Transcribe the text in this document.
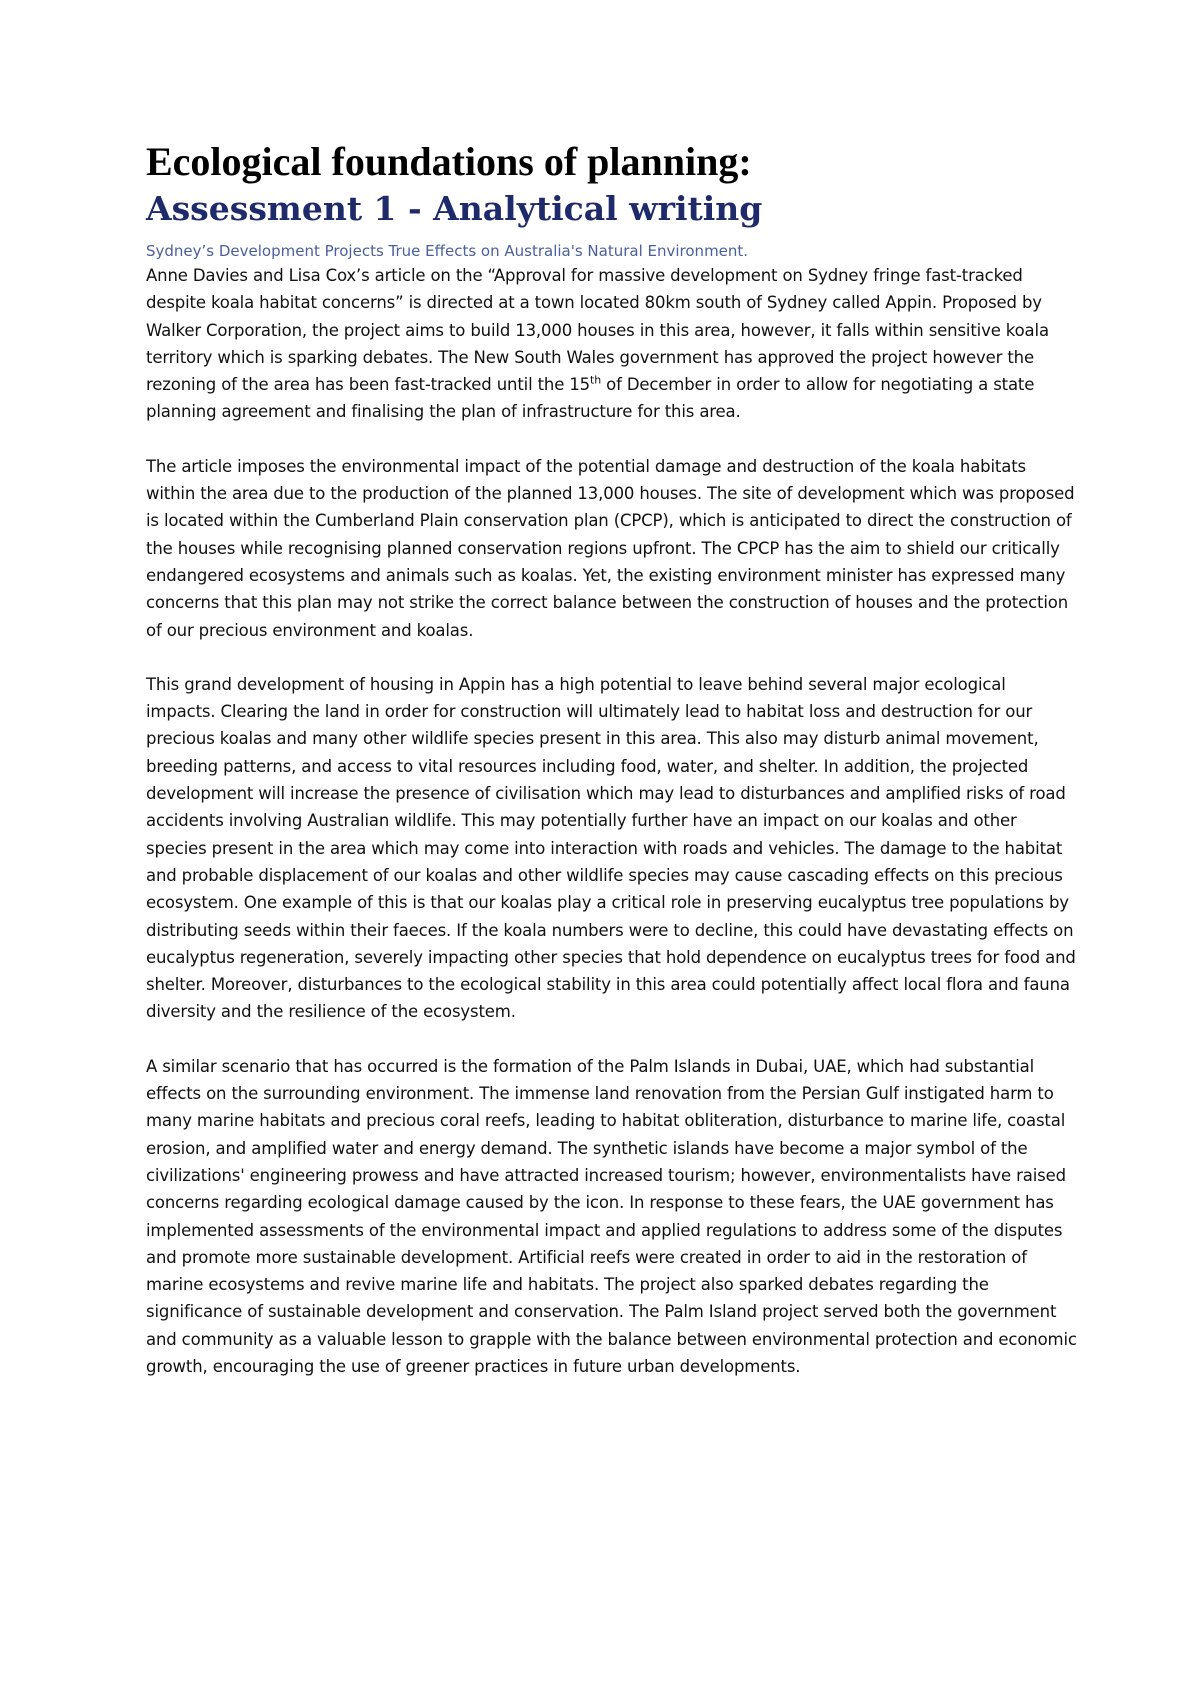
Ecological foundations of planning:
Assessment 1 - Analytical writing

Sydney’s Development Projects True Effects on Australia's Natural Environment.

Anne Davies and Lisa Cox’s article on the “Approval for massive development on Sydney fringe fast-tracked despite koala habitat concerns” is directed at a town located 80km south of Sydney called Appin. Proposed by Walker Corporation, the project aims to build 13,000 houses in this area, however, it falls within sensitive koala territory which is sparking debates. The New South Wales government has approved the project however the rezoning of the area has been fast-tracked until the 15th of December in order to allow for negotiating a state planning agreement and finalising the plan of infrastructure for this area.

The article imposes the environmental impact of the potential damage and destruction of the koala habitats within the area due to the production of the planned 13,000 houses. The site of development which was proposed is located within the Cumberland Plain conservation plan (CPCP), which is anticipated to direct the construction of the houses while recognising planned conservation regions upfront. The CPCP has the aim to shield our critically endangered ecosystems and animals such as koalas. Yet, the existing environment minister has expressed many concerns that this plan may not strike the correct balance between the construction of houses and the protection of our precious environment and koalas.

This grand development of housing in Appin has a high potential to leave behind several major ecological impacts. Clearing the land in order for construction will ultimately lead to habitat loss and destruction for our precious koalas and many other wildlife species present in this area. This also may disturb animal movement, breeding patterns, and access to vital resources including food, water, and shelter. In addition, the projected development will increase the presence of civilisation which may lead to disturbances and amplified risks of road accidents involving Australian wildlife. This may potentially further have an impact on our koalas and other species present in the area which may come into interaction with roads and vehicles. The damage to the habitat and probable displacement of our koalas and other wildlife species may cause cascading effects on this precious ecosystem. One example of this is that our koalas play a critical role in preserving eucalyptus tree populations by distributing seeds within their faeces. If the koala numbers were to decline, this could have devastating effects on eucalyptus regeneration, severely impacting other species that hold dependence on eucalyptus trees for food and shelter. Moreover, disturbances to the ecological stability in this area could potentially affect local flora and fauna diversity and the resilience of the ecosystem.

A similar scenario that has occurred is the formation of the Palm Islands in Dubai, UAE, which had substantial effects on the surrounding environment. The immense land renovation from the Persian Gulf instigated harm to many marine habitats and precious coral reefs, leading to habitat obliteration, disturbance to marine life, coastal erosion, and amplified water and energy demand. The synthetic islands have become a major symbol of the civilizations' engineering prowess and have attracted increased tourism; however, environmentalists have raised concerns regarding ecological damage caused by the icon. In response to these fears, the UAE government has implemented assessments of the environmental impact and applied regulations to address some of the disputes and promote more sustainable development. Artificial reefs were created in order to aid in the restoration of marine ecosystems and revive marine life and habitats. The project also sparked debates regarding the significance of sustainable development and conservation. The Palm Island project served both the government and community as a valuable lesson to grapple with the balance between environmental protection and economic growth, encouraging the use of greener practices in future urban developments.
